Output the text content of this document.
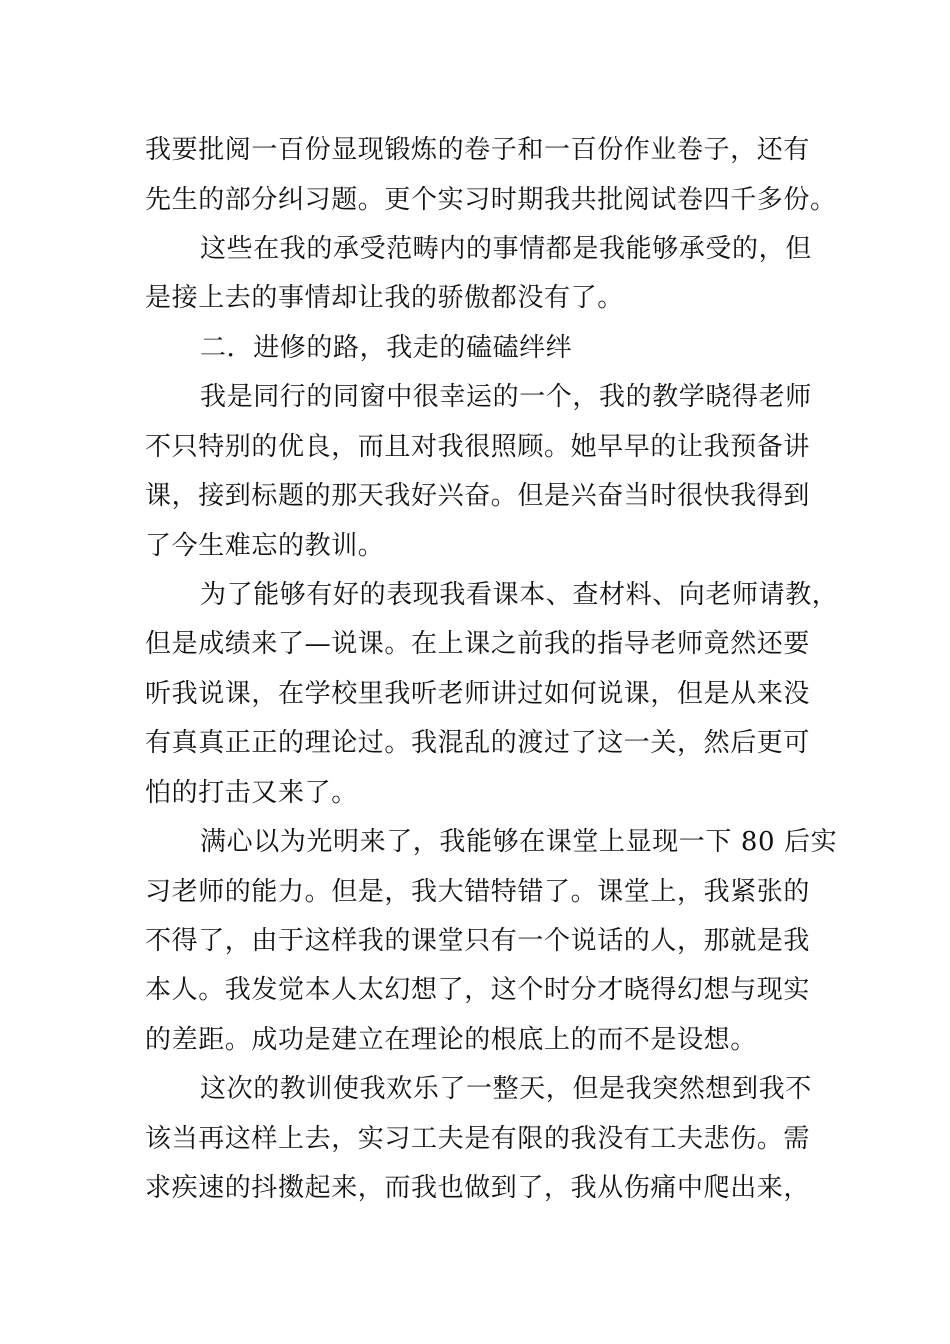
我要批阅一百份显现锻炼的卷子和一百份作业卷子，还有
先生的部分纠习题。更个实习时期我共批阅试卷四千多份。
这些在我的承受范畴内的事情都是我能够承受的，但
是接上去的事情却让我的骄傲都没有了。
二．进修的路，我走的磕磕绊绊
我是同行的同窗中很幸运的一个，我的教学晓得老师
不只特别的优良，而且对我很照顾。她早早的让我预备讲
课，接到标题的那天我好兴奋。但是兴奋当时很快我得到
了今生难忘的教训。
为了能够有好的表现我看课本、查材料、向老师请教，
但是成绩来了—说课。在上课之前我的指导老师竟然还要
听我说课，在学校里我听老师讲过如何说课，但是从来没
有真真正正的理论过。我混乱的渡过了这一关，然后更可
怕的打击又来了。
满心以为光明来了，我能够在课堂上显现一下 80 后实
习老师的能力。但是，我大错特错了。课堂上，我紧张的
不得了，由于这样我的课堂只有一个说话的人，那就是我
本人。我发觉本人太幻想了，这个时分才晓得幻想与现实
的差距。成功是建立在理论的根底上的而不是设想。
这次的教训使我欢乐了一整天，但是我突然想到我不
该当再这样上去，实习工夫是有限的我没有工夫悲伤。需
求疾速的抖擞起来，而我也做到了，我从伤痛中爬出来，
